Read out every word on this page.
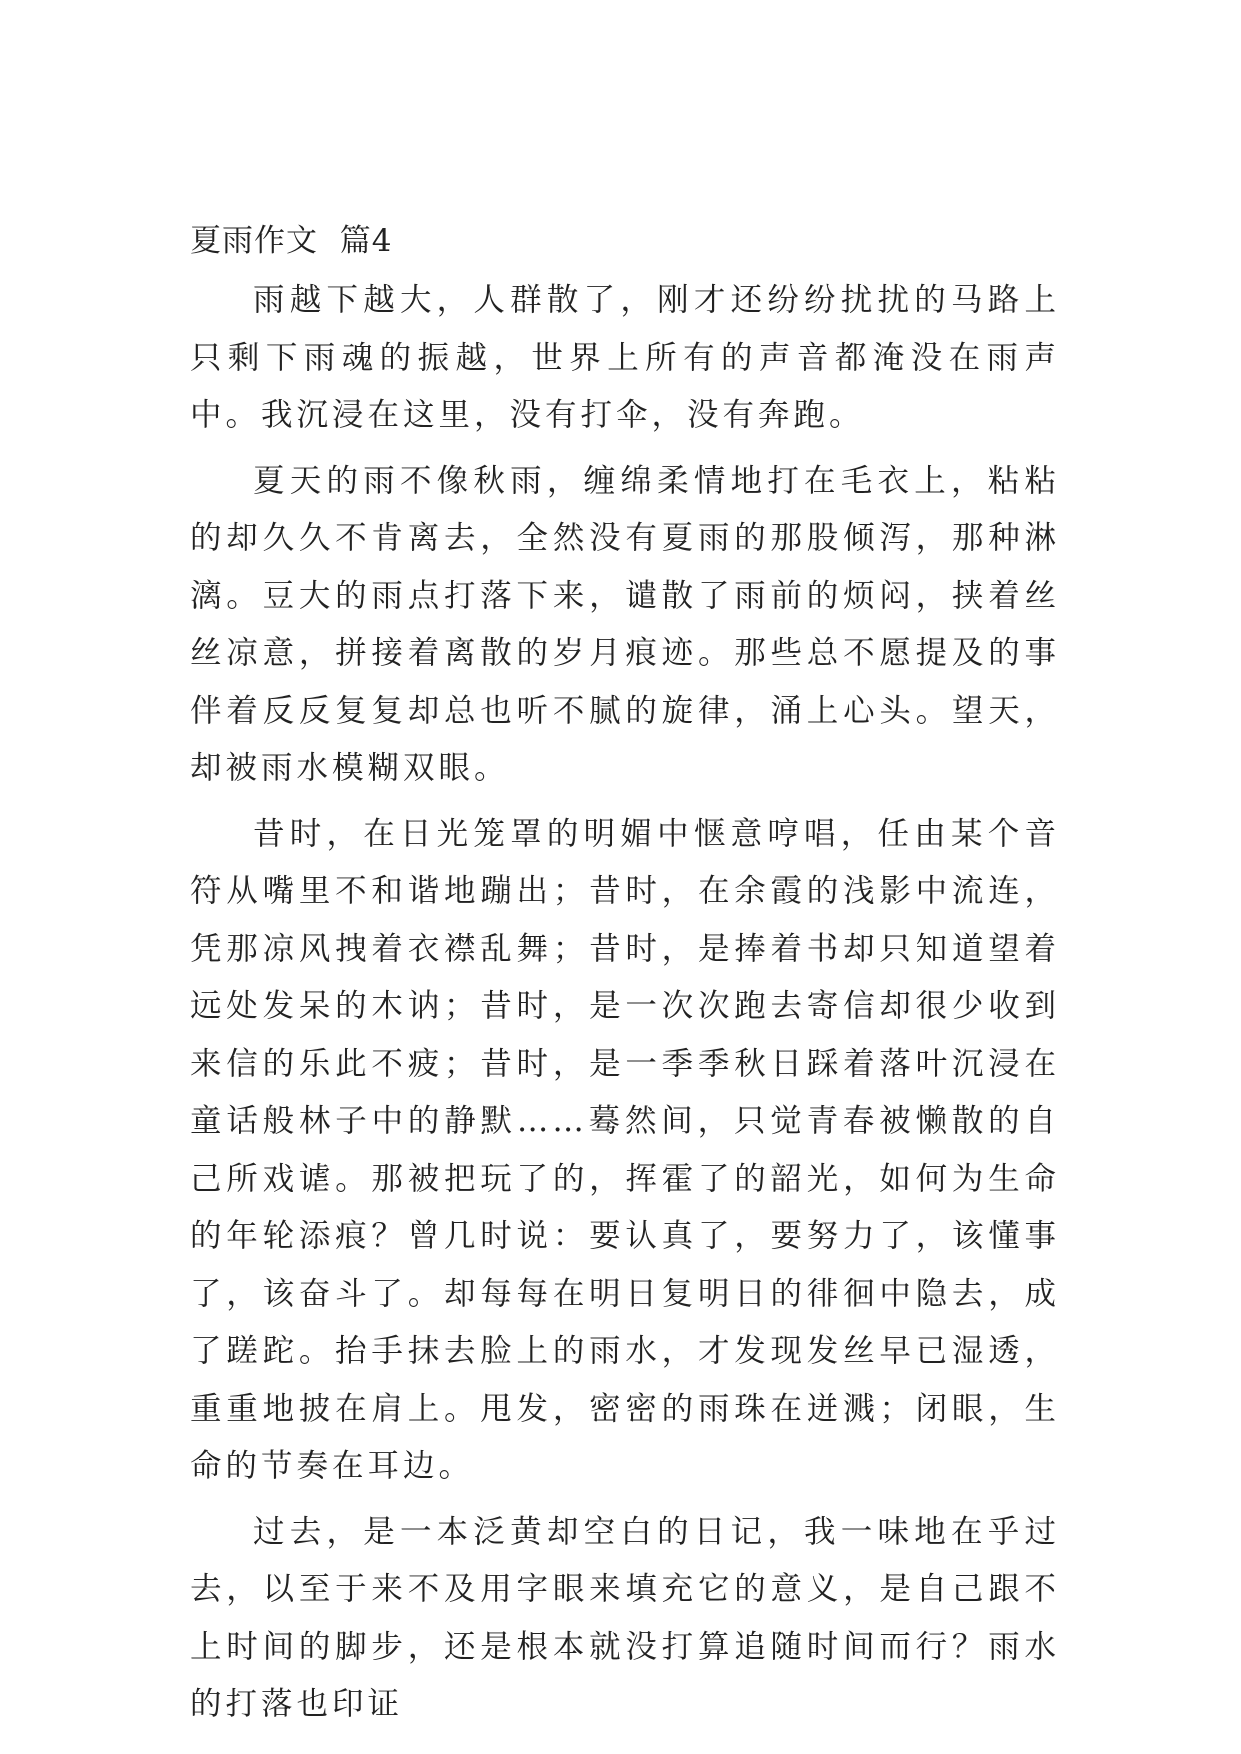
夏雨作文  篇4

雨越下越大，人群散了，刚才还纷纷扰扰的马路上只剩下雨魂的振越，世界上所有的声音都淹没在雨声中。我沉浸在这里，没有打伞，没有奔跑。

夏天的雨不像秋雨，缠绵柔情地打在毛衣上，粘粘的却久久不肯离去，全然没有夏雨的那股倾泻，那种淋漓。豆大的雨点打落下来，谴散了雨前的烦闷，挟着丝丝凉意，拼接着离散的岁月痕迹。那些总不愿提及的事伴着反反复复却总也听不腻的旋律，涌上心头。望天，却被雨水模糊双眼。

昔时，在日光笼罩的明媚中惬意哼唱，任由某个音符从嘴里不和谐地蹦出；昔时，在余霞的浅影中流连，凭那凉风拽着衣襟乱舞；昔时，是捧着书却只知道望着远处发呆的木讷；昔时，是一次次跑去寄信却很少收到来信的乐此不疲；昔时，是一季季秋日踩着落叶沉浸在童话般林子中的静默……蓦然间，只觉青春被懒散的自己所戏谑。那被把玩了的，挥霍了的韶光，如何为生命的年轮添痕？曾几时说：要认真了，要努力了，该懂事了，该奋斗了。却每每在明日复明日的徘徊中隐去，成了蹉跎。抬手抹去脸上的雨水，才发现发丝早已湿透，重重地披在肩上。甩发，密密的雨珠在迸溅；闭眼，生命的节奏在耳边。

过去，是一本泛黄却空白的日记，我一味地在乎过去，以至于来不及用字眼来填充它的意义，是自己跟不上时间的脚步，还是根本就没打算追随时间而行？雨水的打落也印证
